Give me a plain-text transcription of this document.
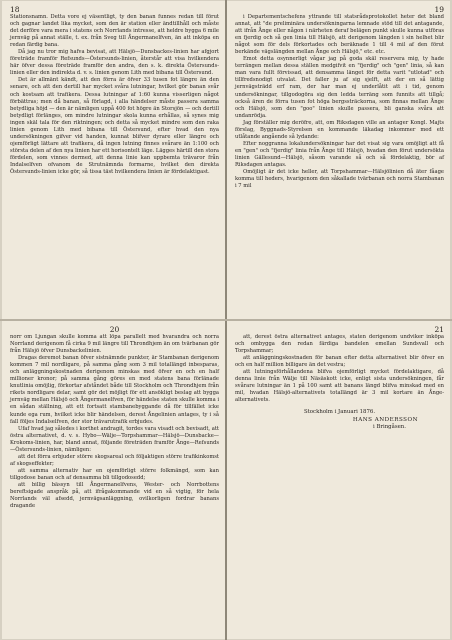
18

Stationsnamn. Detta vore ej väsentligt, ty den banan funnes redan till förut och gagnar landet lika mycket, som den är station eller ändtillhåll och måste det derföre vara mera i statens och Norrlands intresse, att heldre bygga 6 mile jernväg på annat ställe, t. ex. från Sveg till Ångermanelfven, än att inköpa en redan färdig bana.

Då jag nu tror mig hafva bevisat, att Hälsjö—Dunsbackes-linien har afgjort företräde framför Refsunds—Östersunds-linien, återstår att visa hvilkendera här öfver dessa företräde framför den andra, den s. k. direkta Östersunds-linien eller den indirekta d. v. s. linien genom Lith med bibana till Östersund.

Det är allmänt kändt, att den förra är öfver 33 tusen fot längre än den senare, och att den dertill har mycket svåra lutningar, hvilket gör banan svår och kostsam att trafikera. Dessa lutningar af 1:60 kunna visserligen något förbättras; men då banan, så förlagd, i alla händelser måste passera samma betydliga höjd — den är nämligen uppå 400 fot högre än Storsjön — och dertill betydligt förlänges, om mindre lutningar skola kunna erhållas, så synes mig ingen skäl tala för den riktningen; och detta så mycket mindre som den raka linien genom Lith med bibana till Östersund, efter hvad den nya undersökningen gifver vid handen, kunnat blifver dyrare eller längre och ojemförligt lättare att trafikera, då ingen lutning finnes svårare än 1:100 och största delen af den nya linien har ett horisontelt läge. Lägges härtill den stora fördelen, som vinnes dermed, att denna linie kan uppbemta trävaror från Indalselfven ofvanom de Strutnämnda formarne, hvilket den direkta Östersunds-linien icke gör, så tissa täst hvilkendera linien är fördelaktigast.

19

i Departementschefens yttrande till statsrådsprotokollet heter det bland annat, att "de preliminära undersökningarna lemnade stöd till det antagande, att ifrån Ånge eller någon i närheten deraf belägen punkt skulle kunna utföras en fjerdig och så gen linia till Hälsjö, att derigenom längden i sin helhet blir något som för dels förkortades och beräknade 1 till 4 mil af den förut berkände vägslängden mellan Ånge och Hälsjö," etc. etc.

Emot detta osynnerligt vågar jag på goda skäl reservera mig, ty hade terrängen mellan dessa ställen medgifvit en "fjerdig" och "gen" linia, så kan man vara fullt förvissad, att densamma länget för detta varit "utlotad" och tillfredsnodigt utvalat. Det faller ju af sig sjelft, att der en så lättig jernvägsträdd erf ram, der har man ej underlåtit att i tid, genom undersökningar, tillgodogöra sig den ledda terräng som funnits att tillgå; också ären de förra tusen fot höga bergssträckorna, som finnas mellan Ånge och Hälsjö, som den "goo" linien skulle passera, bli ganska svåra att undanrödja.

Jag förställer mig deröfre, att, om Riksdagen ville an antager Kongl. Majts förslag, Byggnads-Styrelsen en kommande läkadag inkommer med ett utlåtande angående så lydande:

Efter noggranna lokalundersökningar har det visat sig vara omöjligt att få en "gen" och "fjerdig" linia från Ånge till Hälsjö, hvadan den förut undersökta linien Gällesund—Hälsjö, såsom varande så och så fördelaktig, bör af Riksdagen antagas.

Omöjligt är det icke heller, att Torpshammar—Hälsjölinien då äter fåage komma till heders, hvarigenom den såkallade tvärbanan och norra Stambanan i 7 mil

20

norr om Ljungan skulle komma att löpa parallelt med hvarandra och norra Norrland derigenom få cirka 9 mil längre till Throndhjem än om tvärbanan gör från Hälsjö öfver Dunsbackelinien.

Dragas deremot banan öfver sistnämnde punkter, är Stambanan derigenom kommen 7 mil nordligare, på samma gång som 3 mil totallängd inbesparas, och anläggningskostnaden derigenom minskas med öfver en och en half millioner kronor; på samma gång göres en med statens bana förlänade knutlinia omöjlig, förkortar afståndet både till Stockholm och Throndhjem från rikets nordligare delar, samt gör det möjligt för ett ansökligt beslag att bygga jernväg mellan Hälsjö och Ångermanelfven, för händelse staten skulle komma i en sådan ställning, att ett fortsatt stambanebyggande då för tillfället icke kunde ega rum, hvilket icke blir händelsen, derest Ångelinien antages, ty i så fall följes Indalselfven, der stor trävarutrafik erbjudes.

Ufaf hvad jag således i korthet andragit, tordes vara visadt och bevisadt, att östra alternativet, d. v. s. Hybo—Wälje—Torpshammar—Hälsjö—Dunsbacke—Krokoms-linien, har, bland annat, följande företräden framför Ånge—Refsunds—Östersunds-linien, nämligen:

att det förra erbjuder större skogsareal och följaktigen större trafikinkomst af skogseffekter;

att samma alternativ har en ojemförligt större folkmängd, som kan tillgodose banan och af densamma bli tillgodosedd;

att billig bässyn till Ångermanelfvens, Wester- och Norrbottens bereftsigade anspråk på, att ifrågakommande vid en så vigtig, för hela Norrlands väl afsedd, jernvägsanläggning, ovilkorligen fordrar banans dragande

21

att, derest östra alternativet antages, staten derigenom undviker inköpa och ombygga den redan färdiga bandelen emellan Sundsvall och Torpshammar;

att anläggningskostnaden för banan efter detta alternativet blir öfver en och en half million billigare än det vestra;

att lutningsförhållandena blifva ojemförligt mycket fördelaktigare, då denna linie från Wälje till Näsäskott icke, enligt sista undersökningen, får svårare lutningar än 1 på 100 samt att banans längd blifva minskad med en mil, hvadan Hälsjö-alternativets totallängd är 3 mil kortare än Ånge-alternativets.

Stockholm i Januari 1876.
HANS ANDERSSON
i Bringåsen.
